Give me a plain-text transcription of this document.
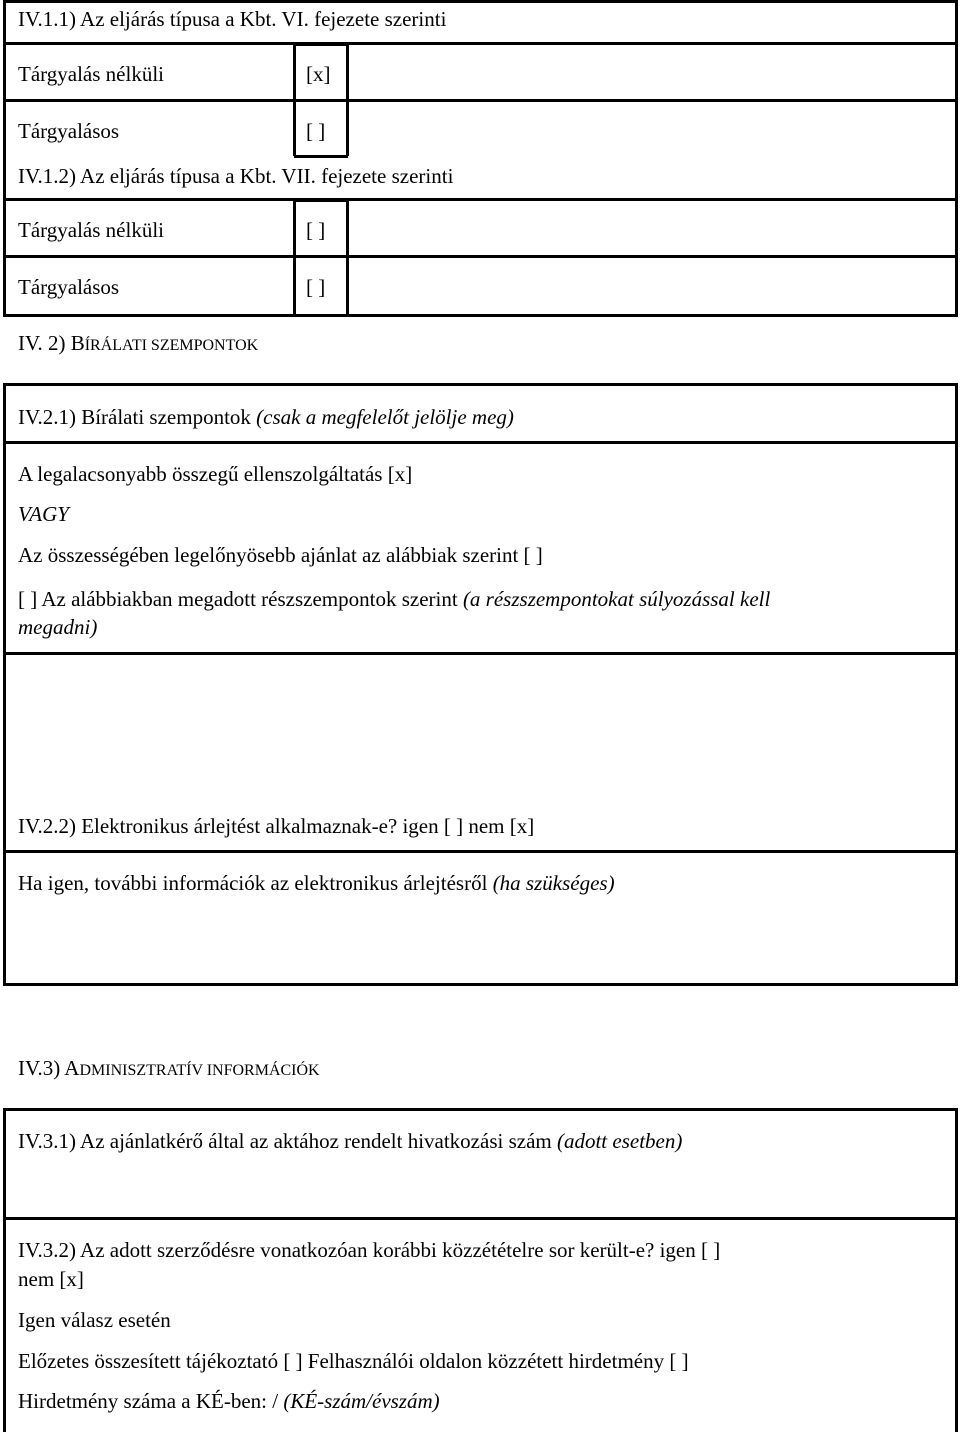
IV.1.1) Az eljárás típusa a Kbt. VI. fejezete szerinti
Tárgyalás nélküli	[x]
Tárgyalásos	[ ]
IV.1.2) Az eljárás típusa a Kbt. VII. fejezete szerinti
Tárgyalás nélküli	[ ]
Tárgyalásos	[ ]
IV. 2) BÍRÁLATI SZEMPONTOK
IV.2.1) Bírálati szempontok (csak a megfelelőt jelölje meg)
A legalacsonyabb összegű ellenszolgáltatás [x]
VAGY
Az összességében legelőnyösebb ajánlat az alábbiak szerint [ ]
[ ] Az alábbiakban megadott részszempontok szerint (a részszempontokat súlyozással kell
megadni)
IV.2.2) Elektronikus árlejtést alkalmaznak-e? igen [ ] nem [x]
Ha igen, további információk az elektronikus árlejtésről (ha szükséges)
IV.3) ADMINISZTRATÍV INFORMÁCIÓK
IV.3.1) Az ajánlatkérő által az aktához rendelt hivatkozási szám (adott esetben)
IV.3.2) Az adott szerződésre vonatkozóan korábbi közzétételre sor került-e? igen [ ]
nem [x]
Igen válasz esetén
Előzetes összesített tájékoztató [ ] Felhasználói oldalon közzétett hirdetmény [ ]
Hirdetmény száma a KÉ-ben: / (KÉ-szám/évszám)
